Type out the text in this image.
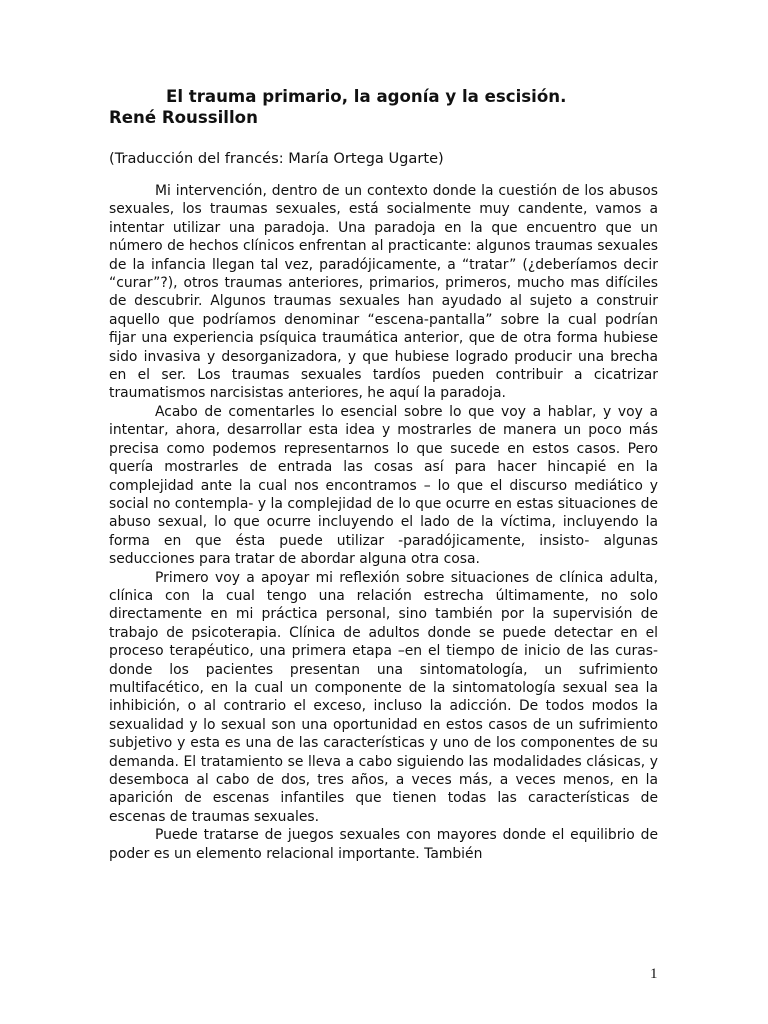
El trauma primario, la agonía y la escisión.
René Roussillon
(Traducción del francés: María Ortega Ugarte)

Mi intervención, dentro de un contexto donde la cuestión de los abusos sexuales, los traumas sexuales, está socialmente muy candente, vamos a intentar utilizar una paradoja. Una paradoja en la que encuentro que un número de hechos clínicos enfrentan al practicante: algunos traumas sexuales de la infancia llegan tal vez, paradójicamente, a “tratar” (¿deberíamos decir “curar”?), otros traumas anteriores, primarios, primeros, mucho mas difíciles de descubrir. Algunos traumas sexuales han ayudado al sujeto a construir aquello que podríamos denominar “escena-pantalla” sobre la cual podrían fijar una experiencia psíquica traumática anterior, que de otra forma hubiese sido invasiva y desorganizadora, y que hubiese logrado producir una brecha en el ser. Los traumas sexuales tardíos pueden contribuir a cicatrizar traumatismos narcisistas anteriores, he aquí la paradoja.

Acabo de comentarles lo esencial sobre lo que voy a hablar, y voy a intentar, ahora, desarrollar esta idea y mostrarles de manera un poco más precisa como podemos representarnos lo que sucede en estos casos. Pero quería mostrarles de entrada las cosas así para hacer hincapié en la complejidad ante la cual nos encontramos – lo que el discurso mediático y social no contempla- y la complejidad de lo que ocurre en estas situaciones de abuso sexual, lo que ocurre incluyendo el lado de la víctima, incluyendo la forma en que ésta puede utilizar -paradójicamente, insisto- algunas seducciones para tratar de abordar alguna otra cosa.

Primero voy a apoyar mi reflexión sobre situaciones de clínica adulta, clínica con la cual tengo una relación estrecha últimamente, no solo directamente en mi práctica personal, sino también por la supervisión de trabajo de psicoterapia. Clínica de adultos donde se puede detectar en el proceso terapéutico, una primera etapa –en el tiempo de inicio de las curas- donde los pacientes presentan una sintomatología, un sufrimiento multifacético, en la cual un componente de la sintomatología sexual sea la inhibición, o al contrario el exceso, incluso la adicción. De todos modos la sexualidad y lo sexual son una oportunidad en estos casos de un sufrimiento subjetivo y esta es una de las características y uno de los componentes de su demanda. El tratamiento se lleva a cabo siguiendo las modalidades clásicas, y desemboca al cabo de dos, tres años, a veces más, a veces menos, en la aparición de escenas infantiles que tienen todas las características de escenas de traumas sexuales.

Puede tratarse de juegos sexuales con mayores donde el equilibrio de poder es un elemento relacional importante. También

1
